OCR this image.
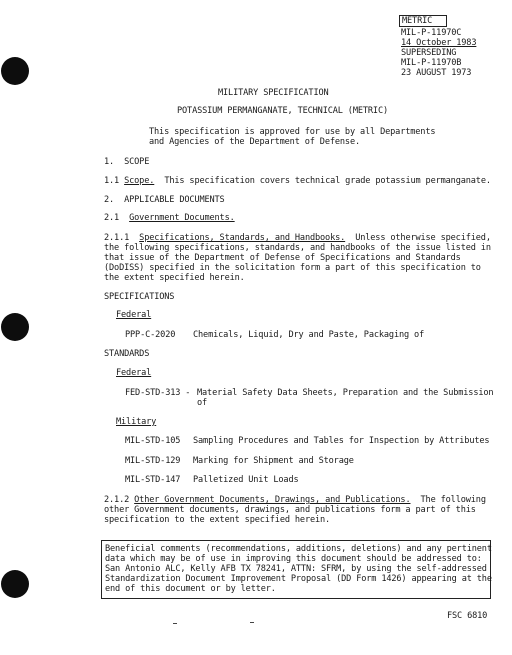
METRIC
MIL-P-11970C
14 October 1983
SUPERSEDING
MIL-P-11970B
23 AUGUST 1973
MILITARY SPECIFICATION
POTASSIUM PERMANGANATE, TECHNICAL (METRIC)
This specification is approved for use by all Departments
and Agencies of the Department of Defense.
1.  SCOPE
1.1 Scope.  This specification covers technical grade potassium permanganate.
2.  APPLICABLE DOCUMENTS
2.1  Government Documents.
2.1.1  Specifications, Standards, and Handbooks.  Unless otherwise specified,
the following specifications, standards, and handbooks of the issue listed in
that issue of the Department of Defense of Specifications and Standards
(DoDISS) specified in the solicitation form a part of this specification to
the extent specified herein.
SPECIFICATIONS
Federal
PPP-C-2020 Chemicals, Liquid, Dry and Paste, Packaging of
STANDARDS
Federal
FED-STD-313 - Material Safety Data Sheets, Preparation and the Submission
of
Military
MIL-STD-105 Sampling Procedures and Tables for Inspection by Attributes
MIL-STD-129 Marking for Shipment and Storage
MIL-STD-147 Palletized Unit Loads
2.1.2 Other Government Documents, Drawings, and Publications.  The following
other Government documents, drawings, and publications form a part of this
specification to the extent specified herein.
Beneficial comments (recommendations, additions, deletions) and any pertinent
data which may be of use in improving this document should be addressed to:
San Antonio ALC, Kelly AFB TX 78241, ATTN: SFRM, by using the self-addressed
Standardization Document Improvement Proposal (DD Form 1426) appearing at the
end of this document or by letter.
FSC 6810
